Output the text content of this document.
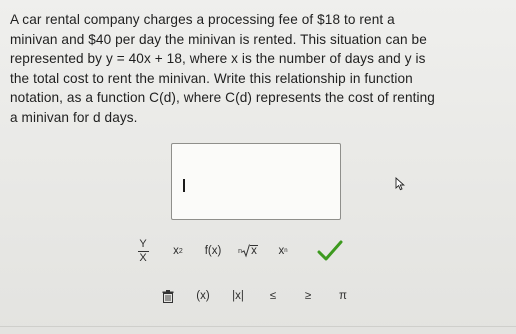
A car rental company charges a processing fee of $18 to rent a
minivan and $40 per day the minivan is rented. This situation can be
represented by y = 40x + 18, where x is the number of days and y is
the total cost to rent the minivan. Write this relationship in function
notation, as a function C(d), where C(d) represents the cost of renting
a minivan for d days.
$\frac{Y}{X}$ x 2 f(x) n x x n
(x) |x| ≤ ≥ π
